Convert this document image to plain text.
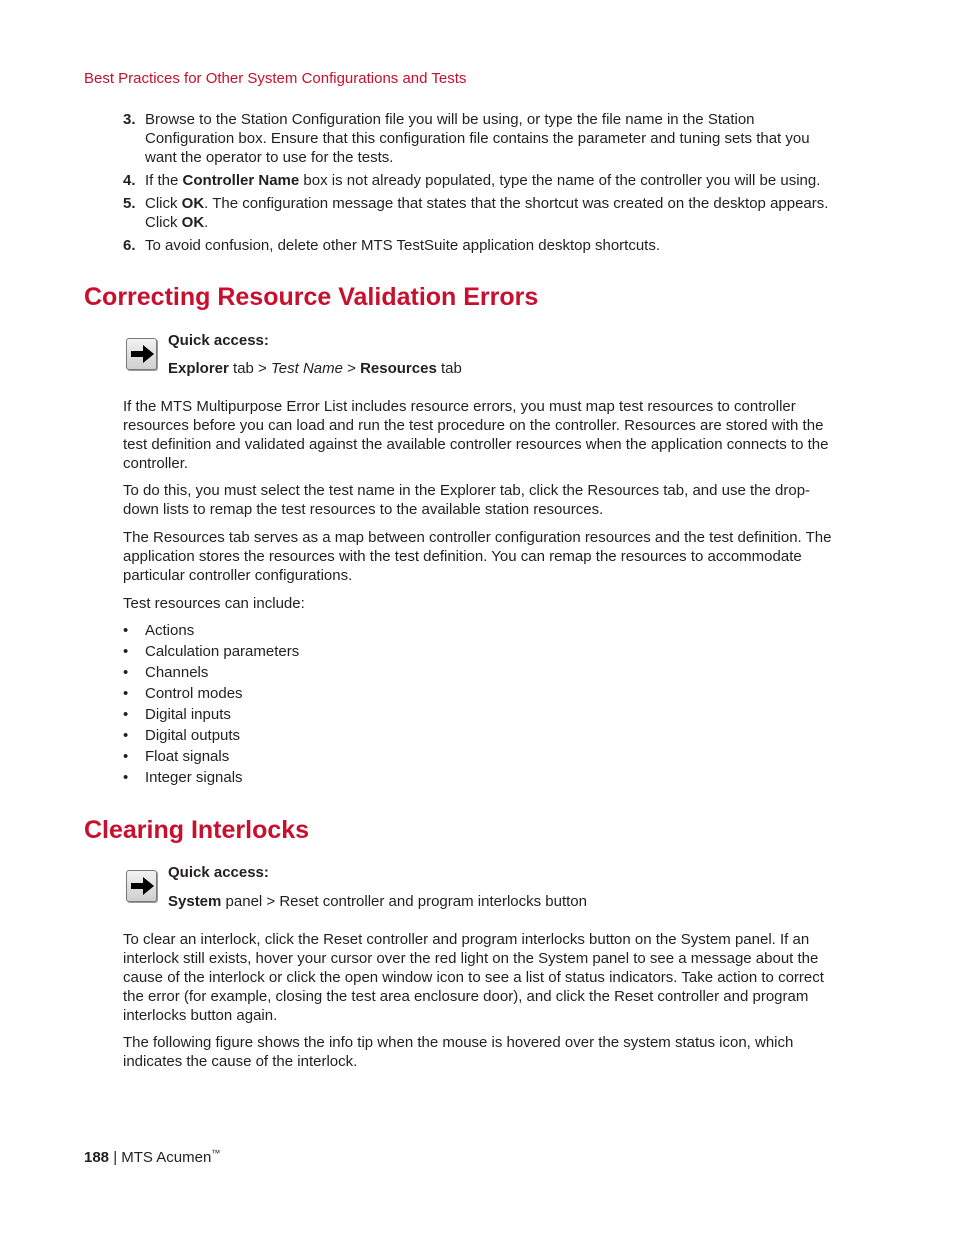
Best Practices for Other System Configurations and Tests
3. Browse to the Station Configuration file you will be using, or type the file name in the Station Configuration box. Ensure that this configuration file contains the parameter and tuning sets that you want the operator to use for the tests.
4. If the Controller Name box is not already populated, type the name of the controller you will be using.
5. Click OK. The configuration message that states that the shortcut was created on the desktop appears. Click OK.
6. To avoid confusion, delete other MTS TestSuite application desktop shortcuts.
Correcting Resource Validation Errors
Quick access:
Explorer tab > Test Name > Resources tab

If the MTS Multipurpose Error List includes resource errors, you must map test resources to controller resources before you can load and run the test procedure on the controller. Resources are stored with the test definition and validated against the available controller resources when the application connects to the controller.

To do this, you must select the test name in the Explorer tab, click the Resources tab, and use the drop-down lists to remap the test resources to the available station resources.

The Resources tab serves as a map between controller configuration resources and the test definition. The application stores the resources with the test definition. You can remap the resources to accommodate particular controller configurations.

Test resources can include:

• Actions
• Calculation parameters
• Channels
• Control modes
• Digital inputs
• Digital outputs
• Float signals
• Integer signals
Clearing Interlocks
Quick access:
System panel > Reset controller and program interlocks button

To clear an interlock, click the Reset controller and program interlocks button on the System panel. If an interlock still exists, hover your cursor over the red light on the System panel to see a message about the cause of the interlock or click the open window icon to see a list of status indicators. Take action to correct the error (for example, closing the test area enclosure door), and click the Reset controller and program interlocks button again.

The following figure shows the info tip when the mouse is hovered over the system status icon, which indicates the cause of the interlock.

188 | MTS Acumen™
